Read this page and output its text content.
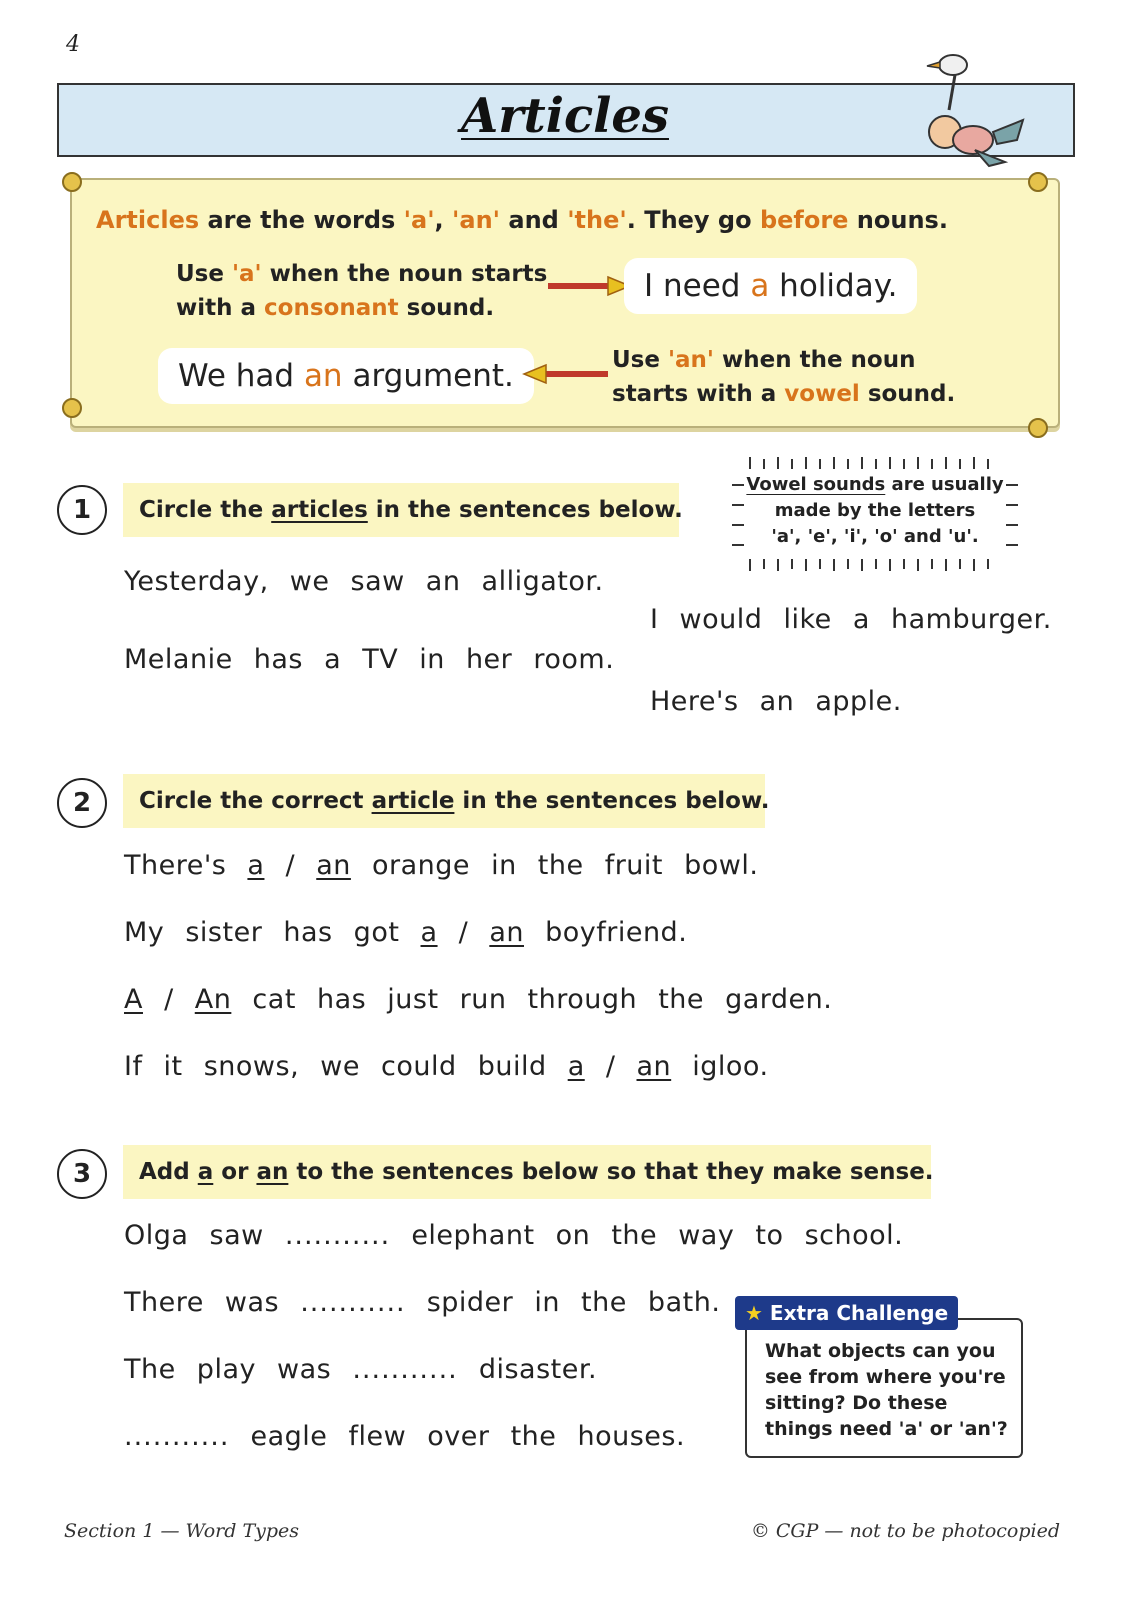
4
Articles
Articles are the words 'a', 'an' and 'the'. They go before nouns.
Use 'a' when the noun starts
with a consonant sound.
I need a holiday.
We had an argument.	Use 'an' when the noun
starts with a vowel sound.
Vowel sounds are usually
made by the letters
'a', 'e', 'i', 'o' and 'u'.
1	Circle the articles in the sentences below.
Yesterday, we saw an alligator.
Melanie has a TV in her room.
I would like a hamburger.
Here's an apple.
2	Circle the correct article in the sentences below.
There's a / an orange in the fruit bowl.
My sister has got a / an boyfriend.
A / An cat has just run through the garden.
If it snows, we could build a / an igloo.
3	Add a or an to the sentences below so that they make sense.
Olga saw ........... elephant on the way to school.
There was ........... spider in the bath.
The play was ........... disaster.
........... eagle flew over the houses.
★ Extra Challenge
What objects can you see from where you're sitting? Do these things need 'a' or 'an'?
Section 1 — Word Types	© CGP — not to be photocopied
